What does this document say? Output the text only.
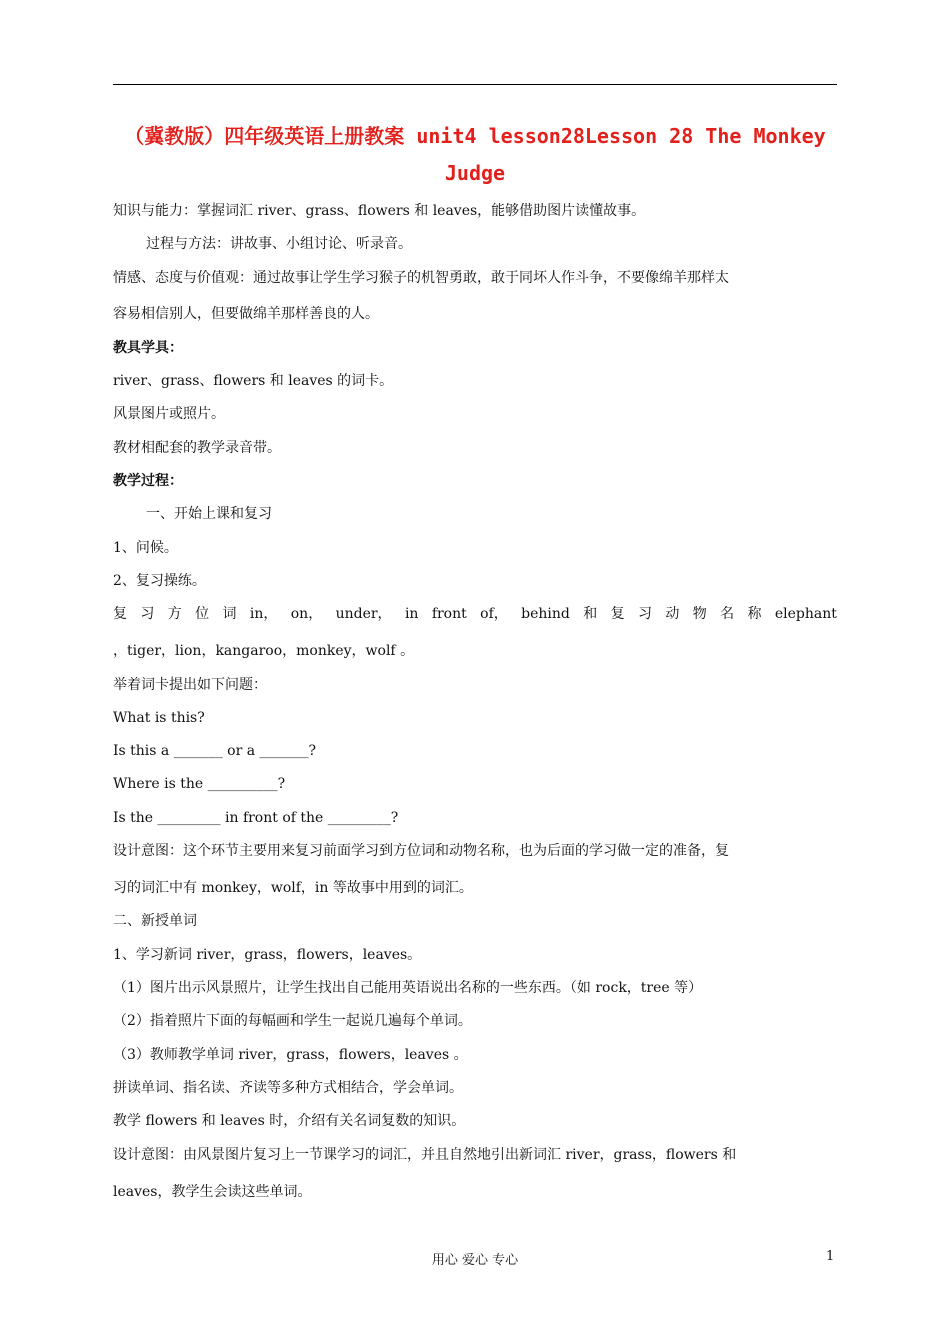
（冀教版）四年级英语上册教案 unit4 lesson28Lesson 28 The Monkey
Judge
知识与能力：掌握词汇 river、grass、flowers 和 leaves，能够借助图片读懂故事。
过程与方法：讲故事、小组讨论、听录音。
情感、态度与价值观：通过故事让学生学习猴子的机智勇敢，敢于同坏人作斗争，不要像绵羊那样太
容易相信别人，但要做绵羊那样善良的人。
教具学具：
river、grass、flowers 和 leaves 的词卡。
风景图片或照片。
教材相配套的教学录音带。
教学过程：
一、开始上课和复习
1、问候。
2、复习操练。
复 习 方 位 词 in， on， under， in front of， behind 和 复 习 动 物 名 称 elephant
，tiger，lion，kangaroo，monkey，wolf 。
举着词卡提出如下问题：
What is this?
Is this a _______ or a _______?
Where is the __________?
Is the _________ in front of the _________?
设计意图：这个环节主要用来复习前面学习到方位词和动物名称，也为后面的学习做一定的准备，复
习的词汇中有 monkey，wolf，in 等故事中用到的词汇。
二、新授单词
1、学习新词 river，grass，flowers，leaves。
（1）图片出示风景照片，让学生找出自己能用英语说出名称的一些东西。（如 rock，tree 等）
（2）指着照片下面的每幅画和学生一起说几遍每个单词。
（3）教师教学单词 river，grass，flowers，leaves 。
拼读单词、指名读、齐读等多种方式相结合，学会单词。
教学 flowers 和 leaves 时，介绍有关名词复数的知识。
设计意图：由风景图片复习上一节课学习的词汇，并且自然地引出新词汇 river，grass，flowers 和
leaves，教学生会读这些单词。
用心 爱心 专心	1
